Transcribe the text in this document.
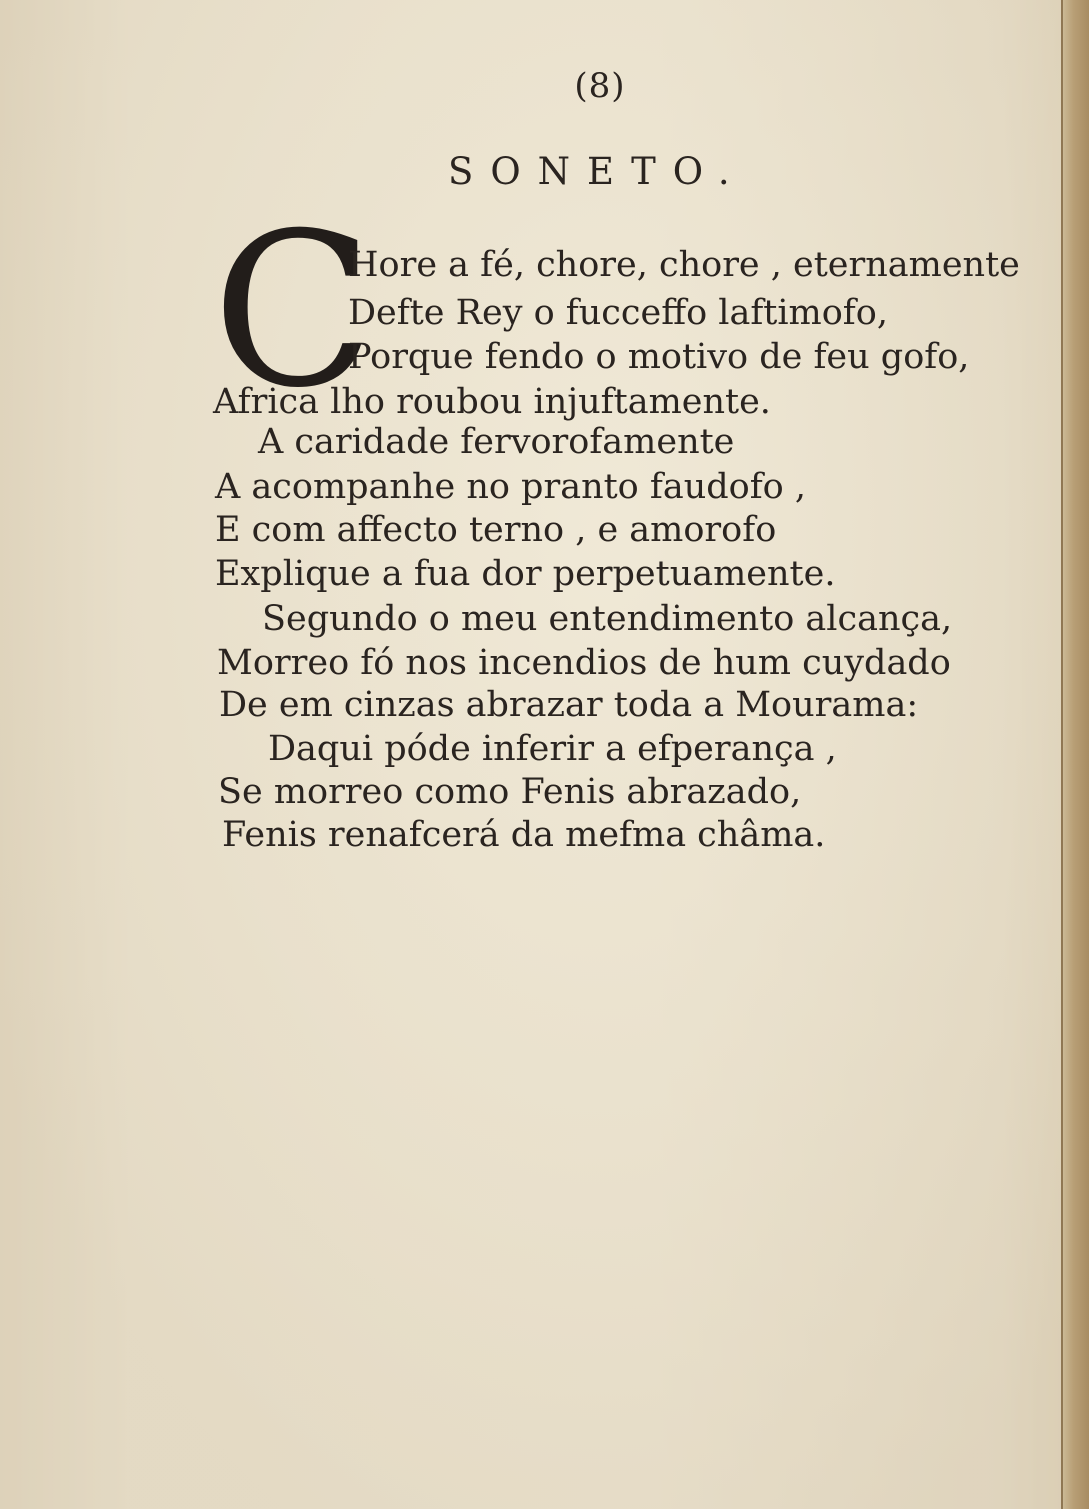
(8)
SONETO.
C
Hore a fé, chore, chore , eternamente
Defte Rey o fucceffo laftimofo,
Porque fendo o motivo de feu gofo,
Africa lho roubou injuftamente.
A caridade fervorofamente
A acompanhe no pranto faudofo ,
E com affecto terno , e amorofo
Explique a fua dor perpetuamente.
Segundo o meu entendimento alcança,
Morreo fó nos incendios de hum cuydado
De em cinzas abrazar toda a Mourama:
Daqui póde inferir a efperança ,
Se morreo como Fenis abrazado,
Fenis renafcerá da mefma châma.
